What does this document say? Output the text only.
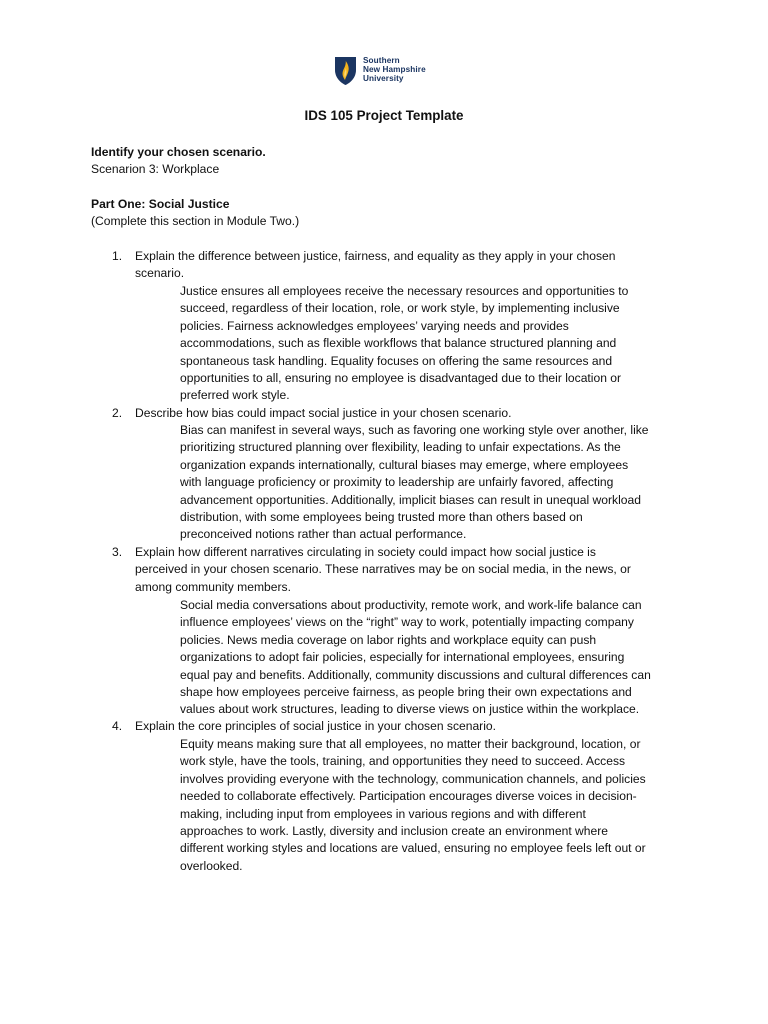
Southern
New Hampshire
University
IDS 105 Project Template
Identify your chosen scenario.
Scenarion 3: Workplace
Part One: Social Justice
(Complete this section in Module Two.)
1. Explain the difference between justice, fairness, and equality as they apply in your chosen
scenario.
Justice ensures all employees receive the necessary resources and opportunities to
succeed, regardless of their location, role, or work style, by implementing inclusive
policies. Fairness acknowledges employees’ varying needs and provides
accommodations, such as flexible workflows that balance structured planning and
spontaneous task handling. Equality focuses on offering the same resources and
opportunities to all, ensuring no employee is disadvantaged due to their location or
preferred work style.
2. Describe how bias could impact social justice in your chosen scenario.
Bias can manifest in several ways, such as favoring one working style over another, like
prioritizing structured planning over flexibility, leading to unfair expectations. As the
organization expands internationally, cultural biases may emerge, where employees
with language proficiency or proximity to leadership are unfairly favored, affecting
advancement opportunities. Additionally, implicit biases can result in unequal workload
distribution, with some employees being trusted more than others based on
preconceived notions rather than actual performance.
3. Explain how different narratives circulating in society could impact how social justice is
perceived in your chosen scenario. These narratives may be on social media, in the news, or
among community members.
Social media conversations about productivity, remote work, and work-life balance can
influence employees’ views on the “right” way to work, potentially impacting company
policies. News media coverage on labor rights and workplace equity can push
organizations to adopt fair policies, especially for international employees, ensuring
equal pay and benefits. Additionally, community discussions and cultural differences can
shape how employees perceive fairness, as people bring their own expectations and
values about work structures, leading to diverse views on justice within the workplace.
4. Explain the core principles of social justice in your chosen scenario.
Equity means making sure that all employees, no matter their background, location, or
work style, have the tools, training, and opportunities they need to succeed. Access
involves providing everyone with the technology, communication channels, and policies
needed to collaborate effectively. Participation encourages diverse voices in decision-
making, including input from employees in various regions and with different
approaches to work. Lastly, diversity and inclusion create an environment where
different working styles and locations are valued, ensuring no employee feels left out or
overlooked.
